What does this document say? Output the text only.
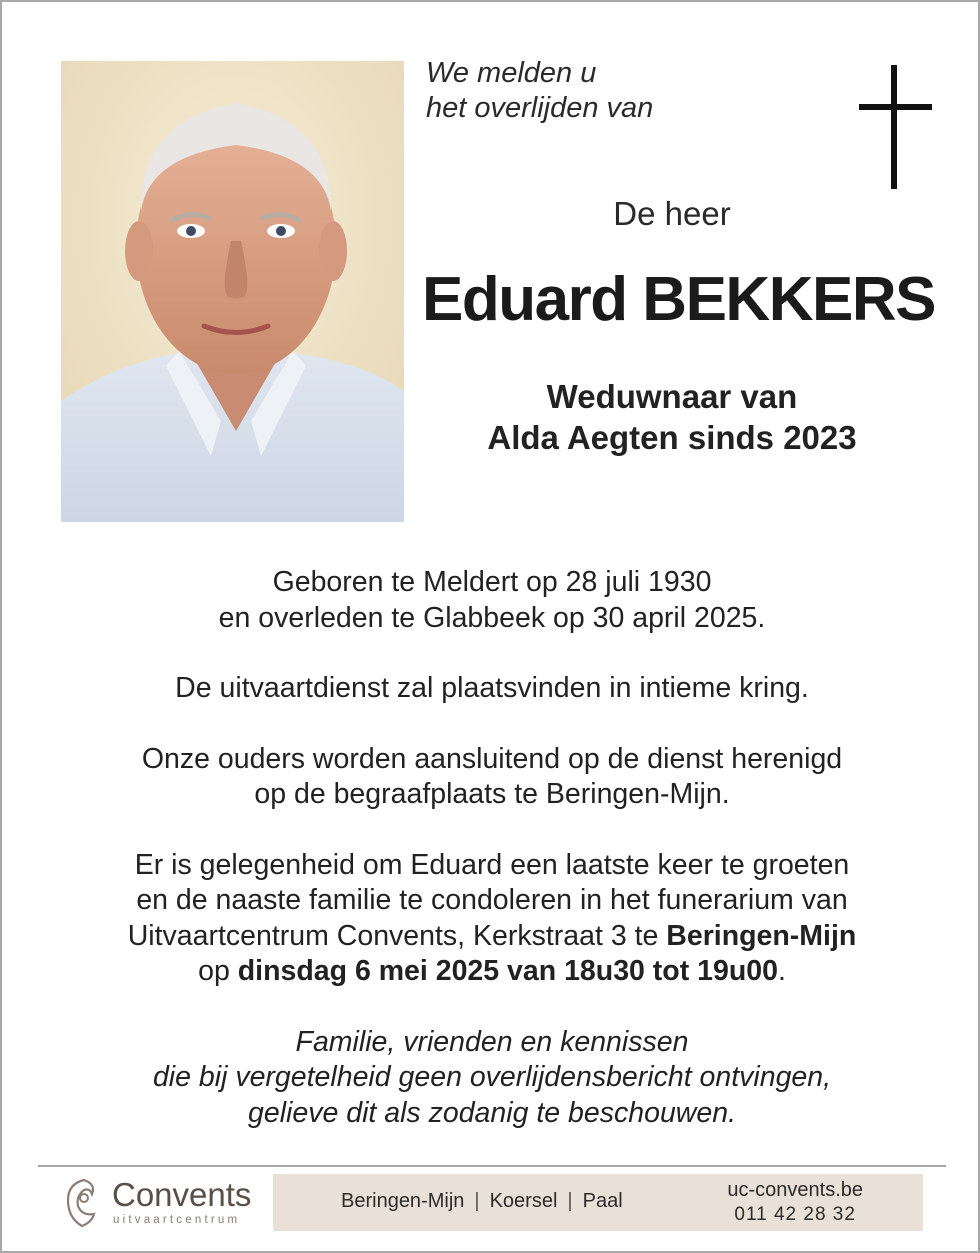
We melden u
het overlijden van
De heer
Eduard BEKKERS
Weduwnaar van
Alda Aegten sinds 2023

Geboren te Meldert op 28 juli 1930
en overleden te Glabbeek op 30 april 2025.

De uitvaartdienst zal plaatsvinden in intieme kring.

Onze ouders worden aansluitend op de dienst herenigd
op de begraafplaats te Beringen-Mijn.

Er is gelegenheid om Eduard een laatste keer te groeten
en de naaste familie te condoleren in het funerarium van
Uitvaartcentrum Convents, Kerkstraat 3 te Beringen-Mijn
op dinsdag 6 mei 2025 van 18u30 tot 19u00.

Familie, vrienden en kennissen
die bij vergetelheid geen overlijdensbericht ontvingen,
gelieve dit als zodanig te beschouwen.

Convents
uitvaartcentrum
Beringen-Mijn | Koersel | Paal	uc-convents.be
011 42 28 32
